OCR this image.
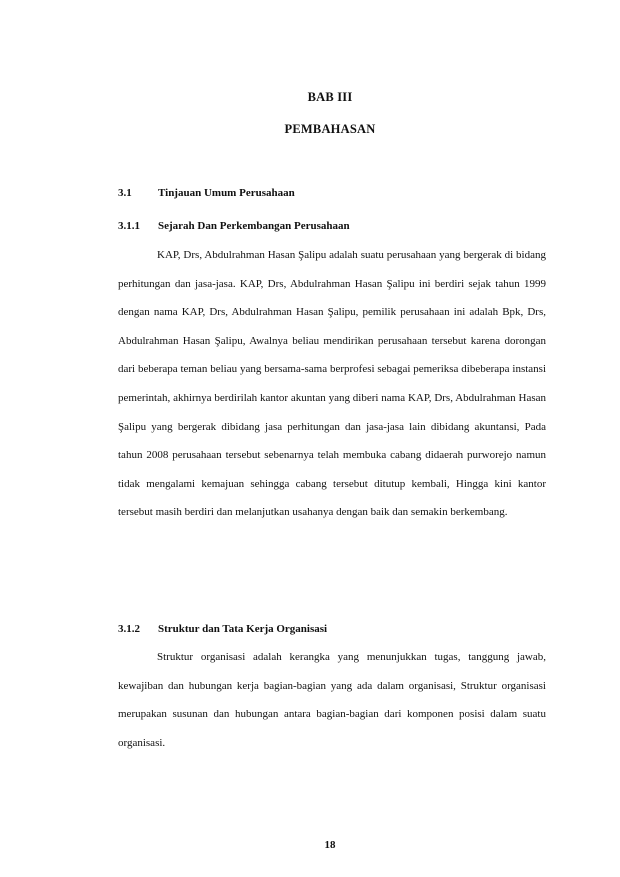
BAB III
PEMBAHASAN
3.1 Tinjauan Umum Perusahaan
3.1.1 Sejarah Dan Perkembangan Perusahaan

KAP, Drs, Abdulrahman Hasan Şalipu adalah suatu perusahaan yang bergerak di bidang perhitungan dan jasa-jasa. KAP, Drs, Abdulrahman Hasan Şalipu ini berdiri sejak tahun 1999 dengan nama KAP, Drs, Abdulrahman Hasan Şalipu, pemilik perusahaan ini adalah Bpk, Drs, Abdulrahman Hasan Şalipu, Awalnya beliau mendirikan perusahaan tersebut karena dorongan dari beberapa teman beliau yang bersama-sama berprofesi sebagai pemeriksa dibeberapa instansi pemerintah, akhirnya berdirilah kantor akuntan yang diberi nama KAP, Drs, Abdulrahman Hasan Şalipu yang bergerak dibidang jasa perhitungan dan jasa-jasa lain dibidang akuntansi, Pada tahun 2008 perusahaan tersebut sebenarnya telah membuka cabang didaerah purworejo namun tidak mengalami kemajuan sehingga cabang tersebut ditutup kembali, Hingga kini kantor tersebut masih berdiri dan melanjutkan usahanya dengan baik dan semakin berkembang.

3.1.2 Struktur dan Tata Kerja Organisasi

Struktur organisasi adalah kerangka yang menunjukkan tugas, tanggung jawab, kewajiban dan hubungan kerja bagian-bagian yang ada dalam organisasi, Struktur organisasi merupakan susunan dan hubungan antara bagian-bagian dari komponen posisi dalam suatu organisasi.

18
